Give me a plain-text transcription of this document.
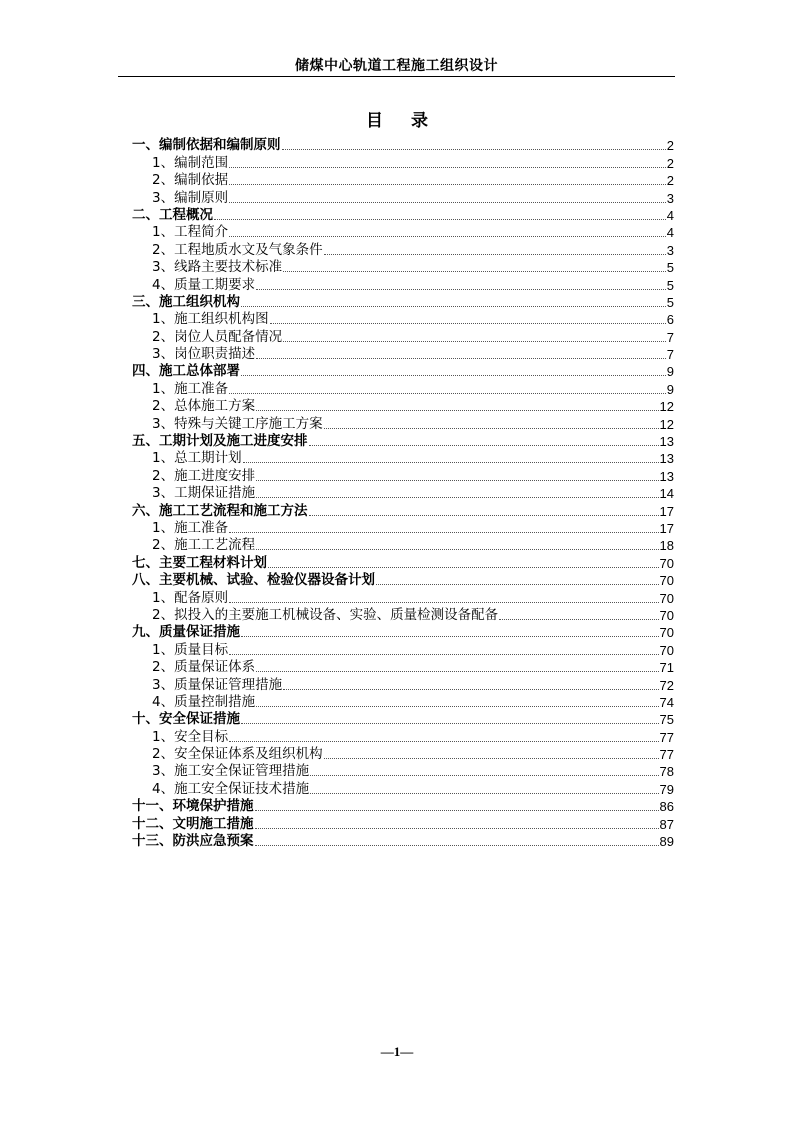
储煤中心轨道工程施工组织设计
目录
一、编制依据和编制原则	2
1、编制范围	2
2、编制依据	2
3、编制原则	3
二、工程概况	4
1、工程简介	4
2、工程地质水文及气象条件	3
3、线路主要技术标准	5
4、质量工期要求	5
三、施工组织机构	5
1、施工组织机构图	6
2、岗位人员配备情况	7
3、岗位职责描述	7
四、施工总体部署	9
1、施工准备	9
2、总体施工方案	12
3、特殊与关键工序施工方案	12
五、工期计划及施工进度安排	13
1、总工期计划	13
2、施工进度安排	13
3、工期保证措施	14
六、施工工艺流程和施工方法	17
1、施工准备	17
2、施工工艺流程	18
七、主要工程材料计划	70
八、主要机械、试验、检验仪器设备计划	70
1、配备原则	70
2、拟投入的主要施工机械设备、实验、质量检测设备配备	70
九、质量保证措施	70
1、质量目标	70
2、质量保证体系	71
3、质量保证管理措施	72
4、质量控制措施	74
十、安全保证措施	75
1、安全目标	77
2、安全保证体系及组织机构	77
3、施工安全保证管理措施	78
4、施工安全保证技术措施	79
十一、环境保护措施	86
十二、文明施工措施	87
十三、防洪应急预案	89
—1—
